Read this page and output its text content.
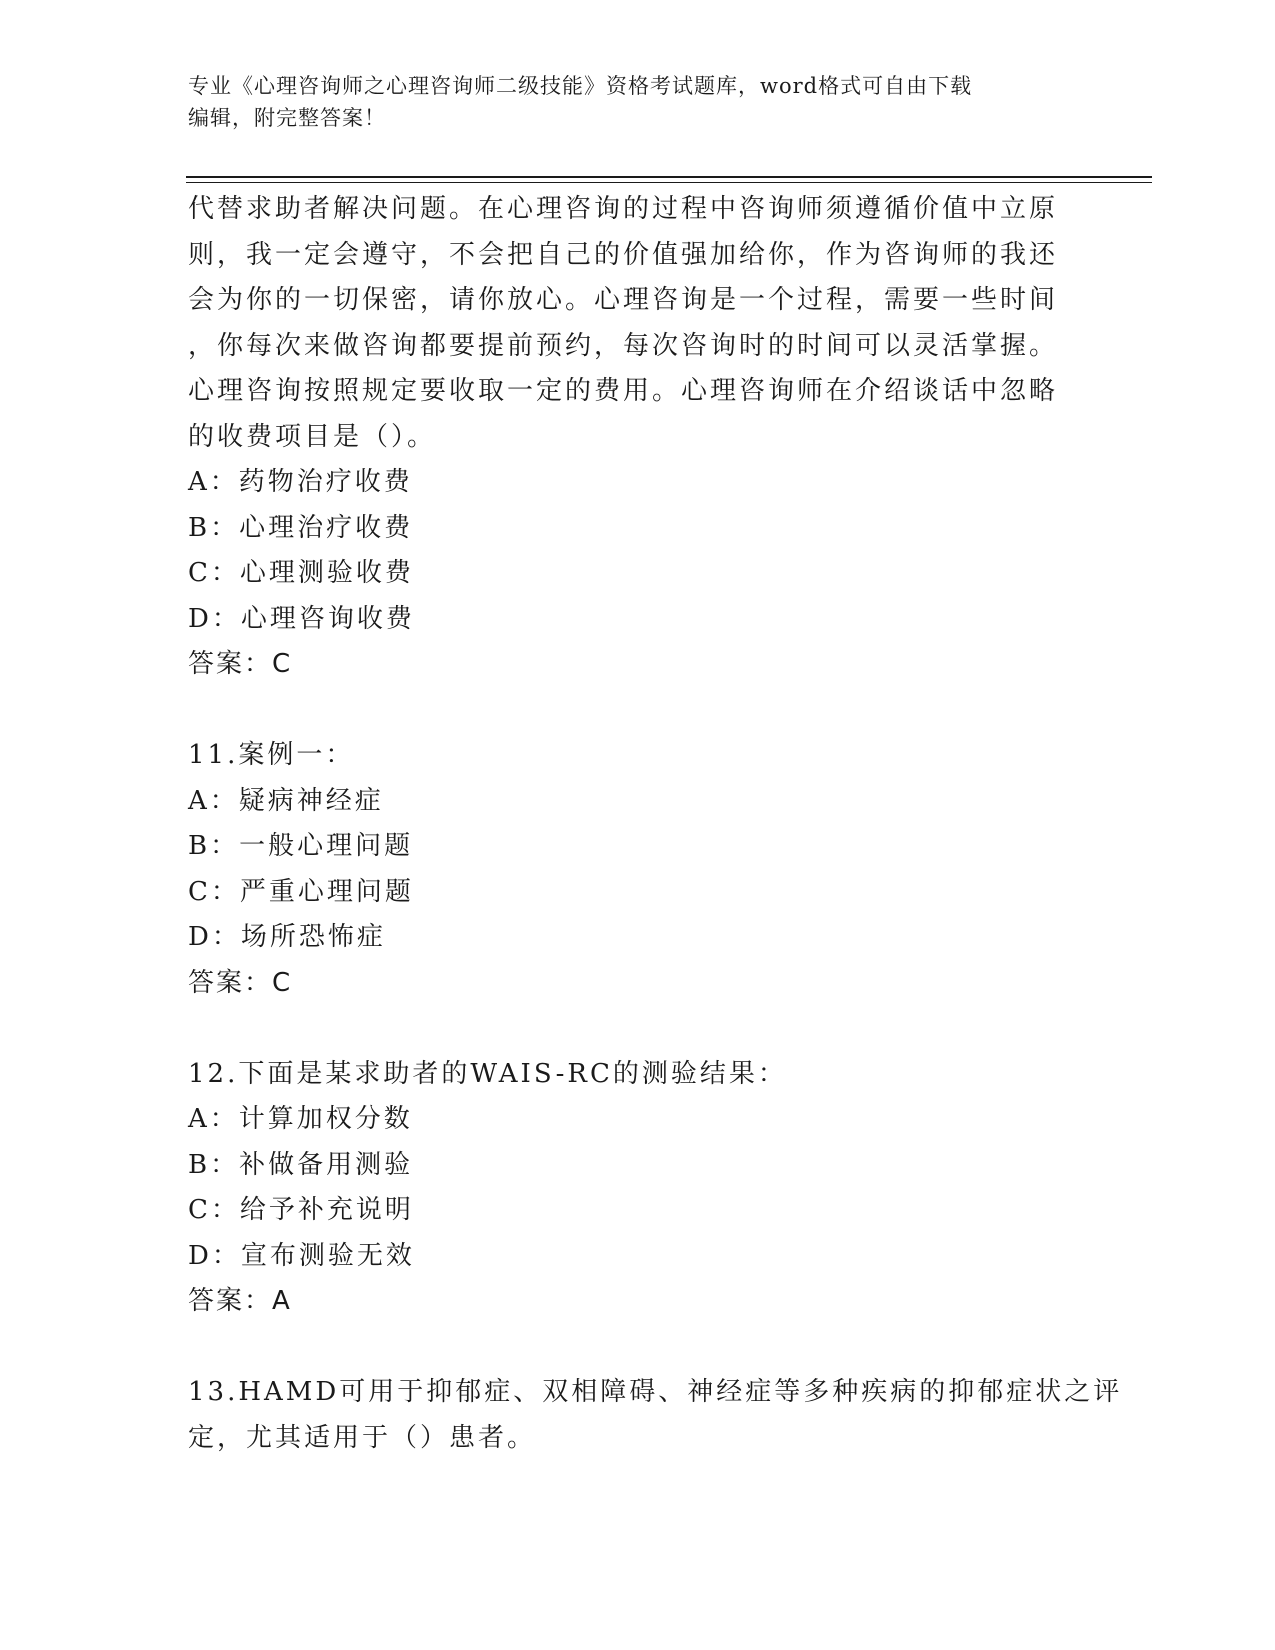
专业《心理咨询师之心理咨询师二级技能》资格考试题库，word格式可自由下载
编辑，附完整答案！
代替求助者解决问题。在心理咨询的过程中咨询师须遵循价值中立原
则，我一定会遵守，不会把自己的价值强加给你，作为咨询师的我还
会为你的一切保密，请你放心。心理咨询是一个过程，需要一些时间
，你每次来做咨询都要提前预约，每次咨询时的时间可以灵活掌握。
心理咨询按照规定要收取一定的费用。心理咨询师在介绍谈话中忽略
的收费项目是（）。
A：药物治疗收费
B：心理治疗收费
C：心理测验收费
D：心理咨询收费
答案：C
11.案例一：
A：疑病神经症
B：一般心理问题
C：严重心理问题
D：场所恐怖症
答案：C
12.下面是某求助者的WAIS-RC的测验结果：
A：计算加权分数
B：补做备用测验
C：给予补充说明
D：宣布测验无效
答案：A
13.HAMD可用于抑郁症、双相障碍、神经症等多种疾病的抑郁症状之评
定，尤其适用于（）患者。
